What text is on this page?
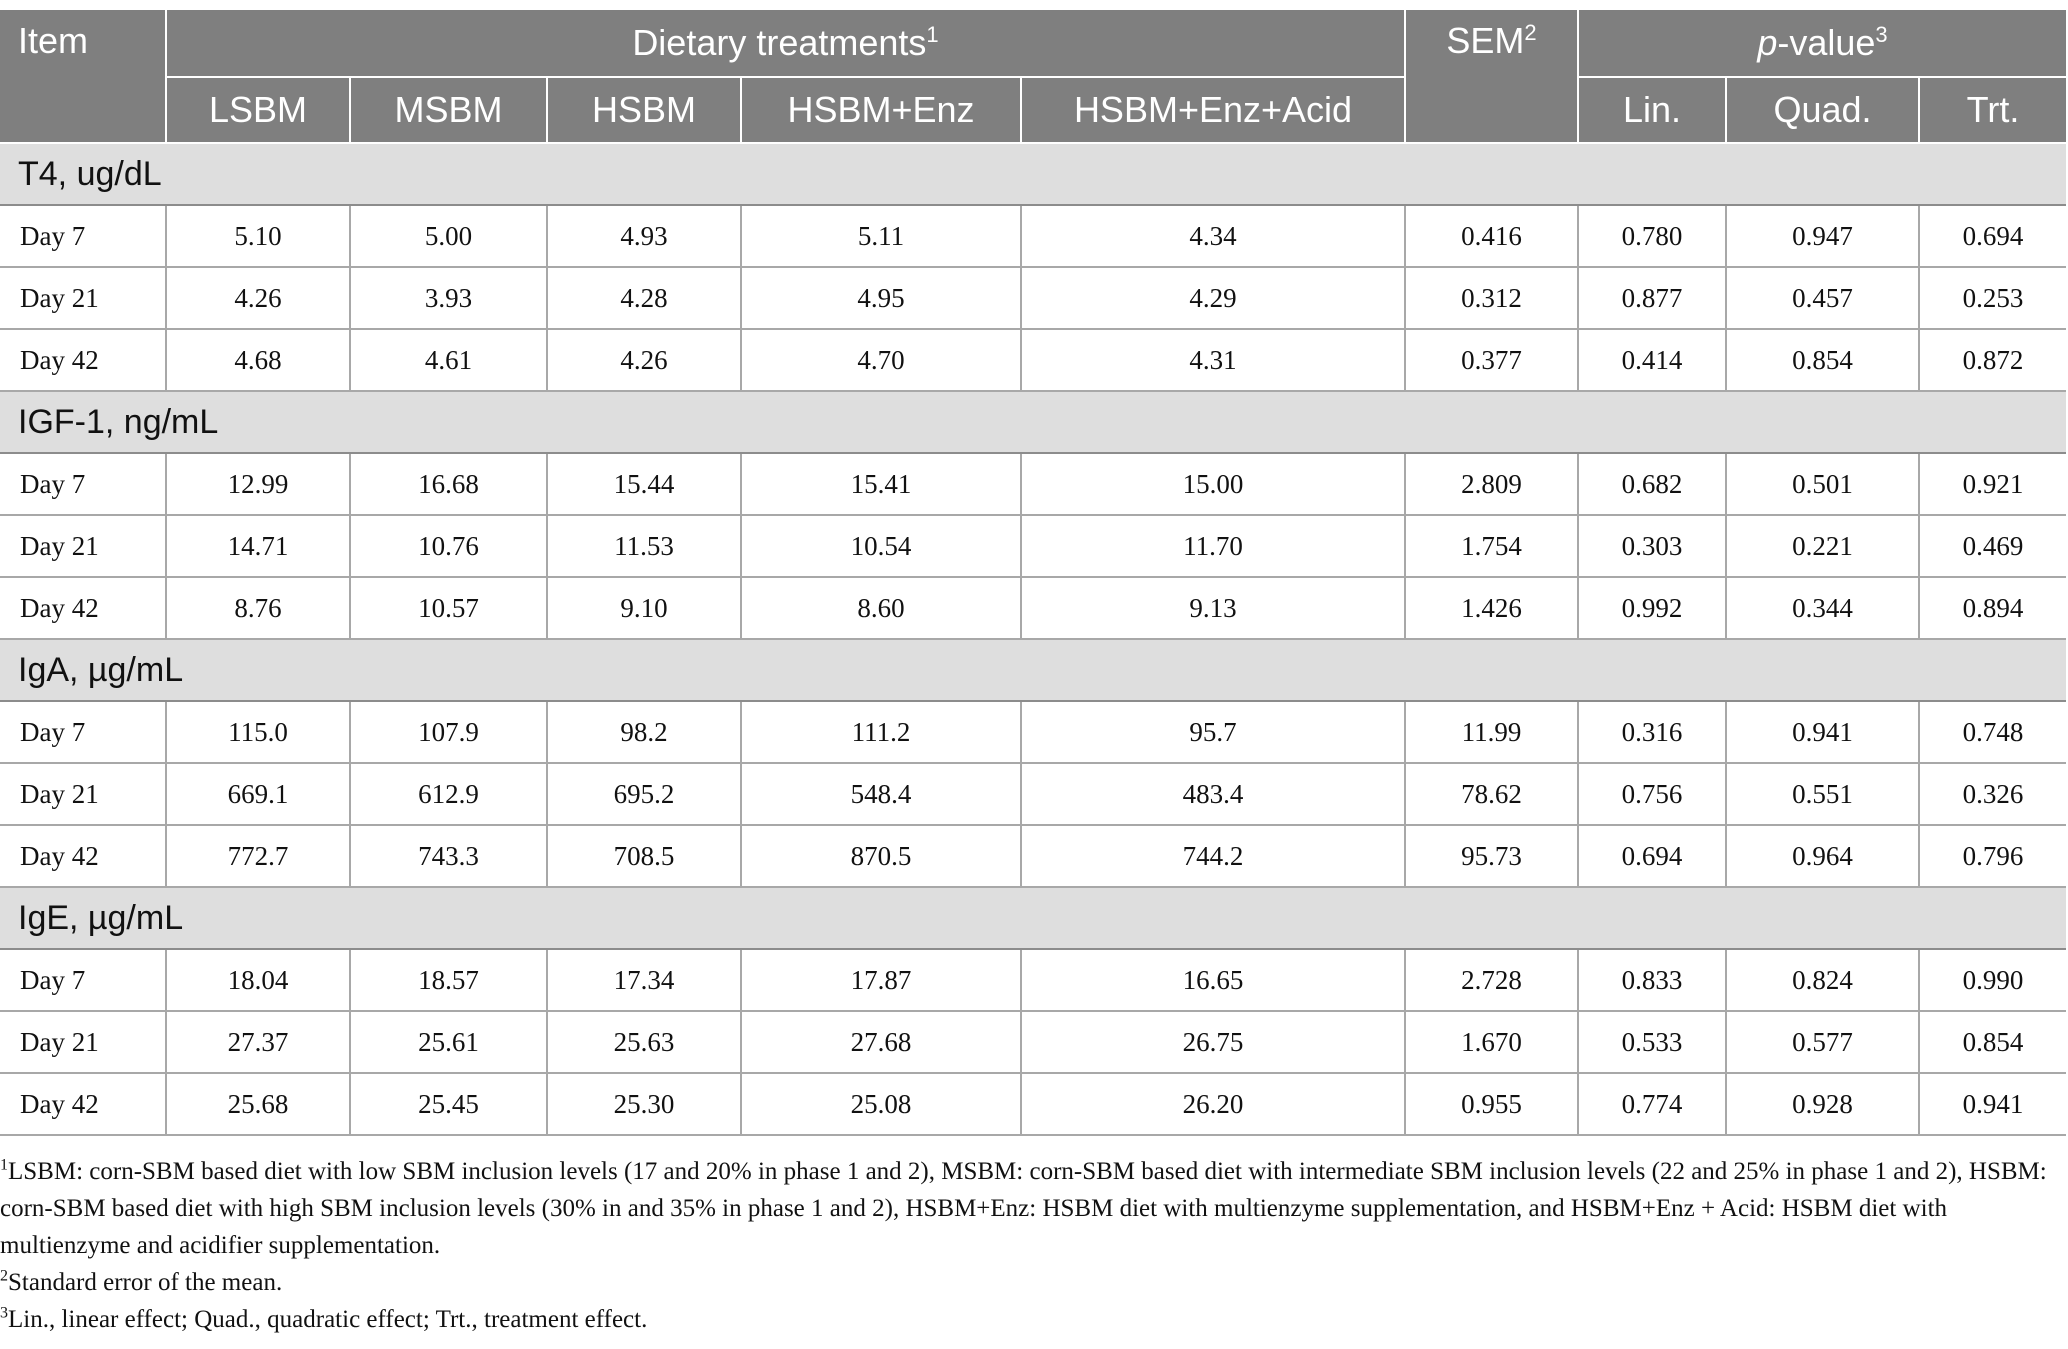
Item	Dietary treatments$^1$					SEM$^2$	p-value$^3$
	LSBM	MSBM	HSBM	HSBM+Enz	HSBM+Enz+Acid		Lin.	Quad.	Trt.
T4, ug/dL									
Day 7	5.10	5.00	4.93	5.11	4.34	0.416	0.780	0.947	0.694
Day 21	4.26	3.93	4.28	4.95	4.29	0.312	0.877	0.457	0.253
Day 42	4.68	4.61	4.26	4.70	4.31	0.377	0.414	0.854	0.872
IGF-1, ng/mL									
Day 7	12.99	16.68	15.44	15.41	15.00	2.809	0.682	0.501	0.921
Day 21	14.71	10.76	11.53	10.54	11.70	1.754	0.303	0.221	0.469
Day 42	8.76	10.57	9.10	8.60	9.13	1.426	0.992	0.344	0.894
IgA, µg/mL									
Day 7	115.0	107.9	98.2	111.2	95.7	11.99	0.316	0.941	0.748
Day 21	669.1	612.9	695.2	548.4	483.4	78.62	0.756	0.551	0.326
Day 42	772.7	743.3	708.5	870.5	744.2	95.73	0.694	0.964	0.796
IgE, µg/mL									
Day 7	18.04	18.57	17.34	17.87	16.65	2.728	0.833	0.824	0.990
Day 21	27.37	25.61	25.63	27.68	26.75	1.670	0.533	0.577	0.854
Day 42	25.68	25.45	25.30	25.08	26.20	0.955	0.774	0.928	0.941

$^1$LSBM: corn-SBM based diet with low SBM inclusion levels (17 and 20% in phase 1 and 2), MSBM: corn-SBM based diet with intermediate SBM inclusion levels (22 and 25% in phase 1 and 2), HSBM: corn-SBM based diet with high SBM inclusion levels (30% in and 35% in phase 1 and 2), HSBM+Enz: HSBM diet with multienzyme supplementation, and HSBM+Enz + Acid: HSBM diet with multienzyme and acidifier supplementation.

$^2$Standard error of the mean.

$^3$Lin., linear effect; Quad., quadratic effect; Trt., treatment effect.
